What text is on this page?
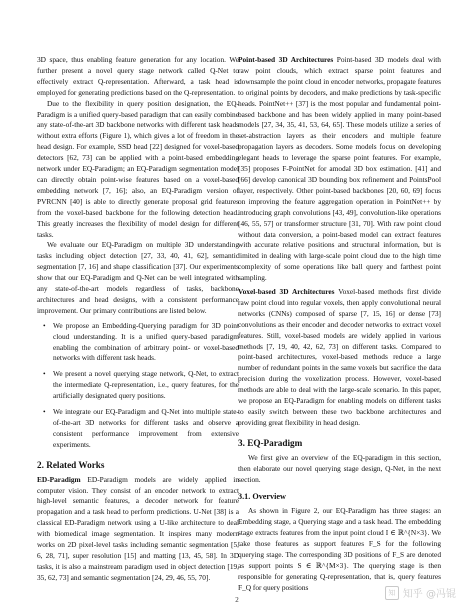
3D space, thus enabling feature generation for any location. We further present a novel query stage network called Q-Net to effectively extract Q-representation. Afterward, a task head is employed for generating predictions based on the Q-representation.

Due to the flexibility in query position designation, the EQ-Paradigm is a unified query-based paradigm that can easily combine any state-of-the-art 3D backbone networks with different task heads without extra efforts (Figure 1), which gives a lot of freedom in the head design. For example, SSD head [22] designed for voxel-based detectors [62, 73] can be applied with a point-based embedding network under EQ-Paradigm; an EQ-Paradigm segmentation model can directly obtain point-wise features based on a voxel-based embedding network [7, 16]; also, an EQ-Paradigm version of PVRCNN [40] is able to directly generate proposal grid features from the voxel-based backbone for the following detection head. This greatly increases the flexibility of model design for different tasks.

We evaluate our EQ-Paradigm on multiple 3D understanding tasks including object detection [27, 33, 40, 41, 62], semantic segmentation [7, 16] and shape classification [37]. Our experiments show that our EQ-Paradigm and Q-Net can be well integrated with any state-of-the-art models regardless of tasks, backbone architectures and head designs, with a consistent performance improvement. Our primary contributions are listed below.

• We propose an Embedding-Querying paradigm for 3D point cloud understanding. It is a unified query-based paradigm enabling the combination of arbitrary point- or voxel-based networks with different task heads.
• We present a novel querying stage network, Q-Net, to extract the intermediate Q-representation, i.e., query features, for the artificially designated query positions.
• We integrate our EQ-Paradigm and Q-Net into multiple state-of-the-art 3D networks for different tasks and observe a consistent performance improvement from extensive experiments.
2. Related Works

ED-Paradigm ED-Paradigm models are widely applied in computer vision. They consist of an encoder network to extract high-level semantic features, a decoder network for feature propagation and a task head to perform predictions. U-Net [38] is a classical ED-Paradigm network using a U-like architecture to deal with biomedical image segmentation. It inspires many modern works on 2D pixel-level tasks including semantic segmentation [5, 6, 28, 71], super resolution [15] and matting [13, 45, 58]. In 3D tasks, it is also a mainstream paradigm used in object detection [19, 35, 62, 73] and semantic segmentation [24, 29, 46, 55, 70].

Point-based 3D Architectures Point-based 3D models deal with raw point clouds, which extract sparse point features and downsample the point cloud in encoder networks, propagate features to original points by decoders, and make predictions by task-specific heads. PointNet++ [37] is the most popular and fundamental point-based backbone and has been widely applied in many point-based models [27, 34, 35, 41, 53, 64, 65]. These models utilize a series of set-abstraction layers as their encoders and multiple feature propagation layers as decoders. Some models focus on developing elegant heads to leverage the sparse point features. For example, [35] proposes F-PointNet for amodal 3D box estimation. [41] and [66] develop canonical 3D bounding box refinement and PointsPool layer, respectively. Other point-based backbones [20, 60, 69] focus on improving the feature aggregation operation in PointNet++ by introducing graph convolutions [43, 49], convolution-like operations [46, 55, 57] or transformer structure [31, 70]. With raw point cloud without data conversion, a point-based model can extract features with accurate relative positions and structural information, but is limited in dealing with large-scale point cloud due to the high time complexity of some operations like ball query and farthest point sampling.

Voxel-based 3D Architectures Voxel-based methods first divide raw point cloud into regular voxels, then apply convolutional neural networks (CNNs) composed of sparse [7, 15, 16] or dense [73] convolutions as their encoder and decoder networks to extract voxel features. Still, voxel-based models are widely applied in various methods [7, 19, 40, 42, 62, 73] on different tasks. Compared to point-based architectures, voxel-based methods reduce a large number of redundant points in the same voxels but sacrifice the data precision during the voxelization process. However, voxel-based methods are able to deal with the large-scale scenario. In this paper, we propose an EQ-Paradigm for enabling models on different tasks to easily switch between these two backbone architectures and providing great flexibility in head design.

3. EQ-Paradigm

We first give an overview of the EQ-paradigm in this section, then elaborate our novel querying stage design, Q-Net, in the next section.

3.1. Overview

As shown in Figure 2, our EQ-Paradigm has three stages: an Embedding stage, a Querying stage and a task head. The embedding stage extracts features from the input point cloud I ∈ ℝ^{N×3}. We take those features as support features F_S for the following querying stage. The corresponding 3D positions of F_S are denoted as support points S ∈ ℝ^{M×3}. The querying stage is then responsible for generating Q-representation, that is, query features F_Q for query positions

2
知 知乎 @冯锟
